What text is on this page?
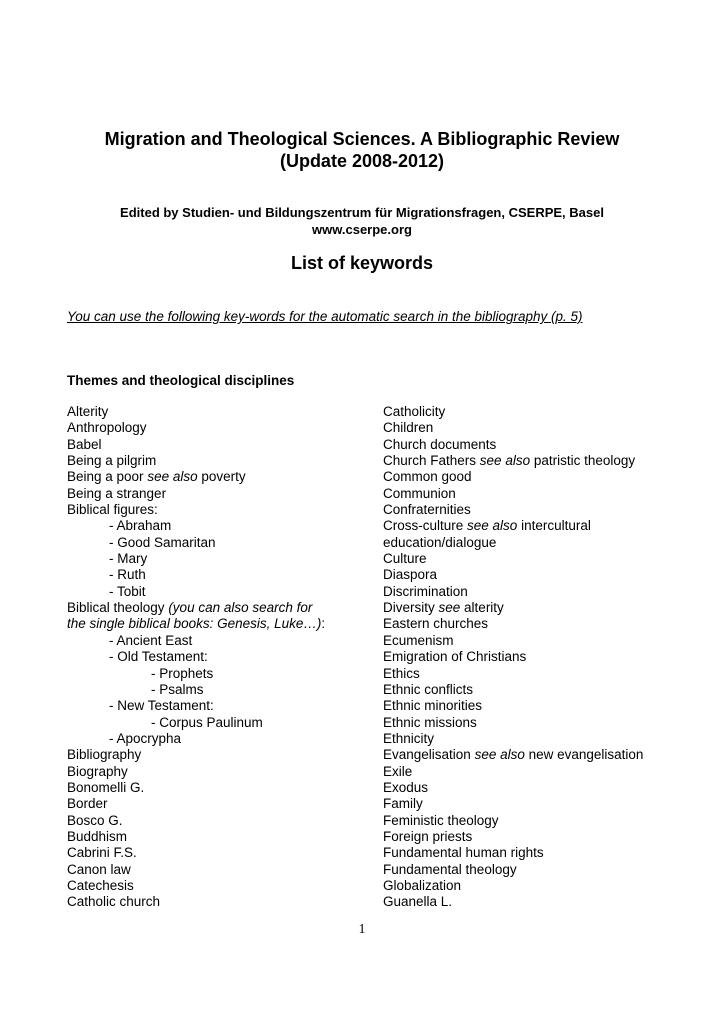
Migration and Theological Sciences. A Bibliographic Review
(Update 2008-2012)
Edited by Studien- und Bildungszentrum für Migrationsfragen, CSERPE, Basel
www.cserpe.org
List of keywords
You can use the following key-words for the automatic search in the bibliography (p. 5)
Themes and theological disciplines
Alterity
Anthropology
Babel
Being a pilgrim
Being a poor see also poverty
Being a stranger
Biblical figures:
- Abraham
- Good Samaritan
- Mary
- Ruth
- Tobit
Biblical theology (you can also search for
the single biblical books: Genesis, Luke…):
- Ancient East
- Old Testament:
- Prophets
- Psalms
- New Testament:
- Corpus Paulinum
- Apocrypha
Bibliography
Biography
Bonomelli G.
Border
Bosco G.
Buddhism
Cabrini F.S.
Canon law
Catechesis
Catholic church
Catholicity
Children
Church documents
Church Fathers see also patristic theology
Common good
Communion
Confraternities
Cross-culture see also intercultural
education/dialogue
Culture
Diaspora
Discrimination
Diversity see alterity
Eastern churches
Ecumenism
Emigration of Christians
Ethics
Ethnic conflicts
Ethnic minorities
Ethnic missions
Ethnicity
Evangelisation see also new evangelisation
Exile
Exodus
Family
Feministic theology
Foreign priests
Fundamental human rights
Fundamental theology
Globalization
Guanella L.
1
